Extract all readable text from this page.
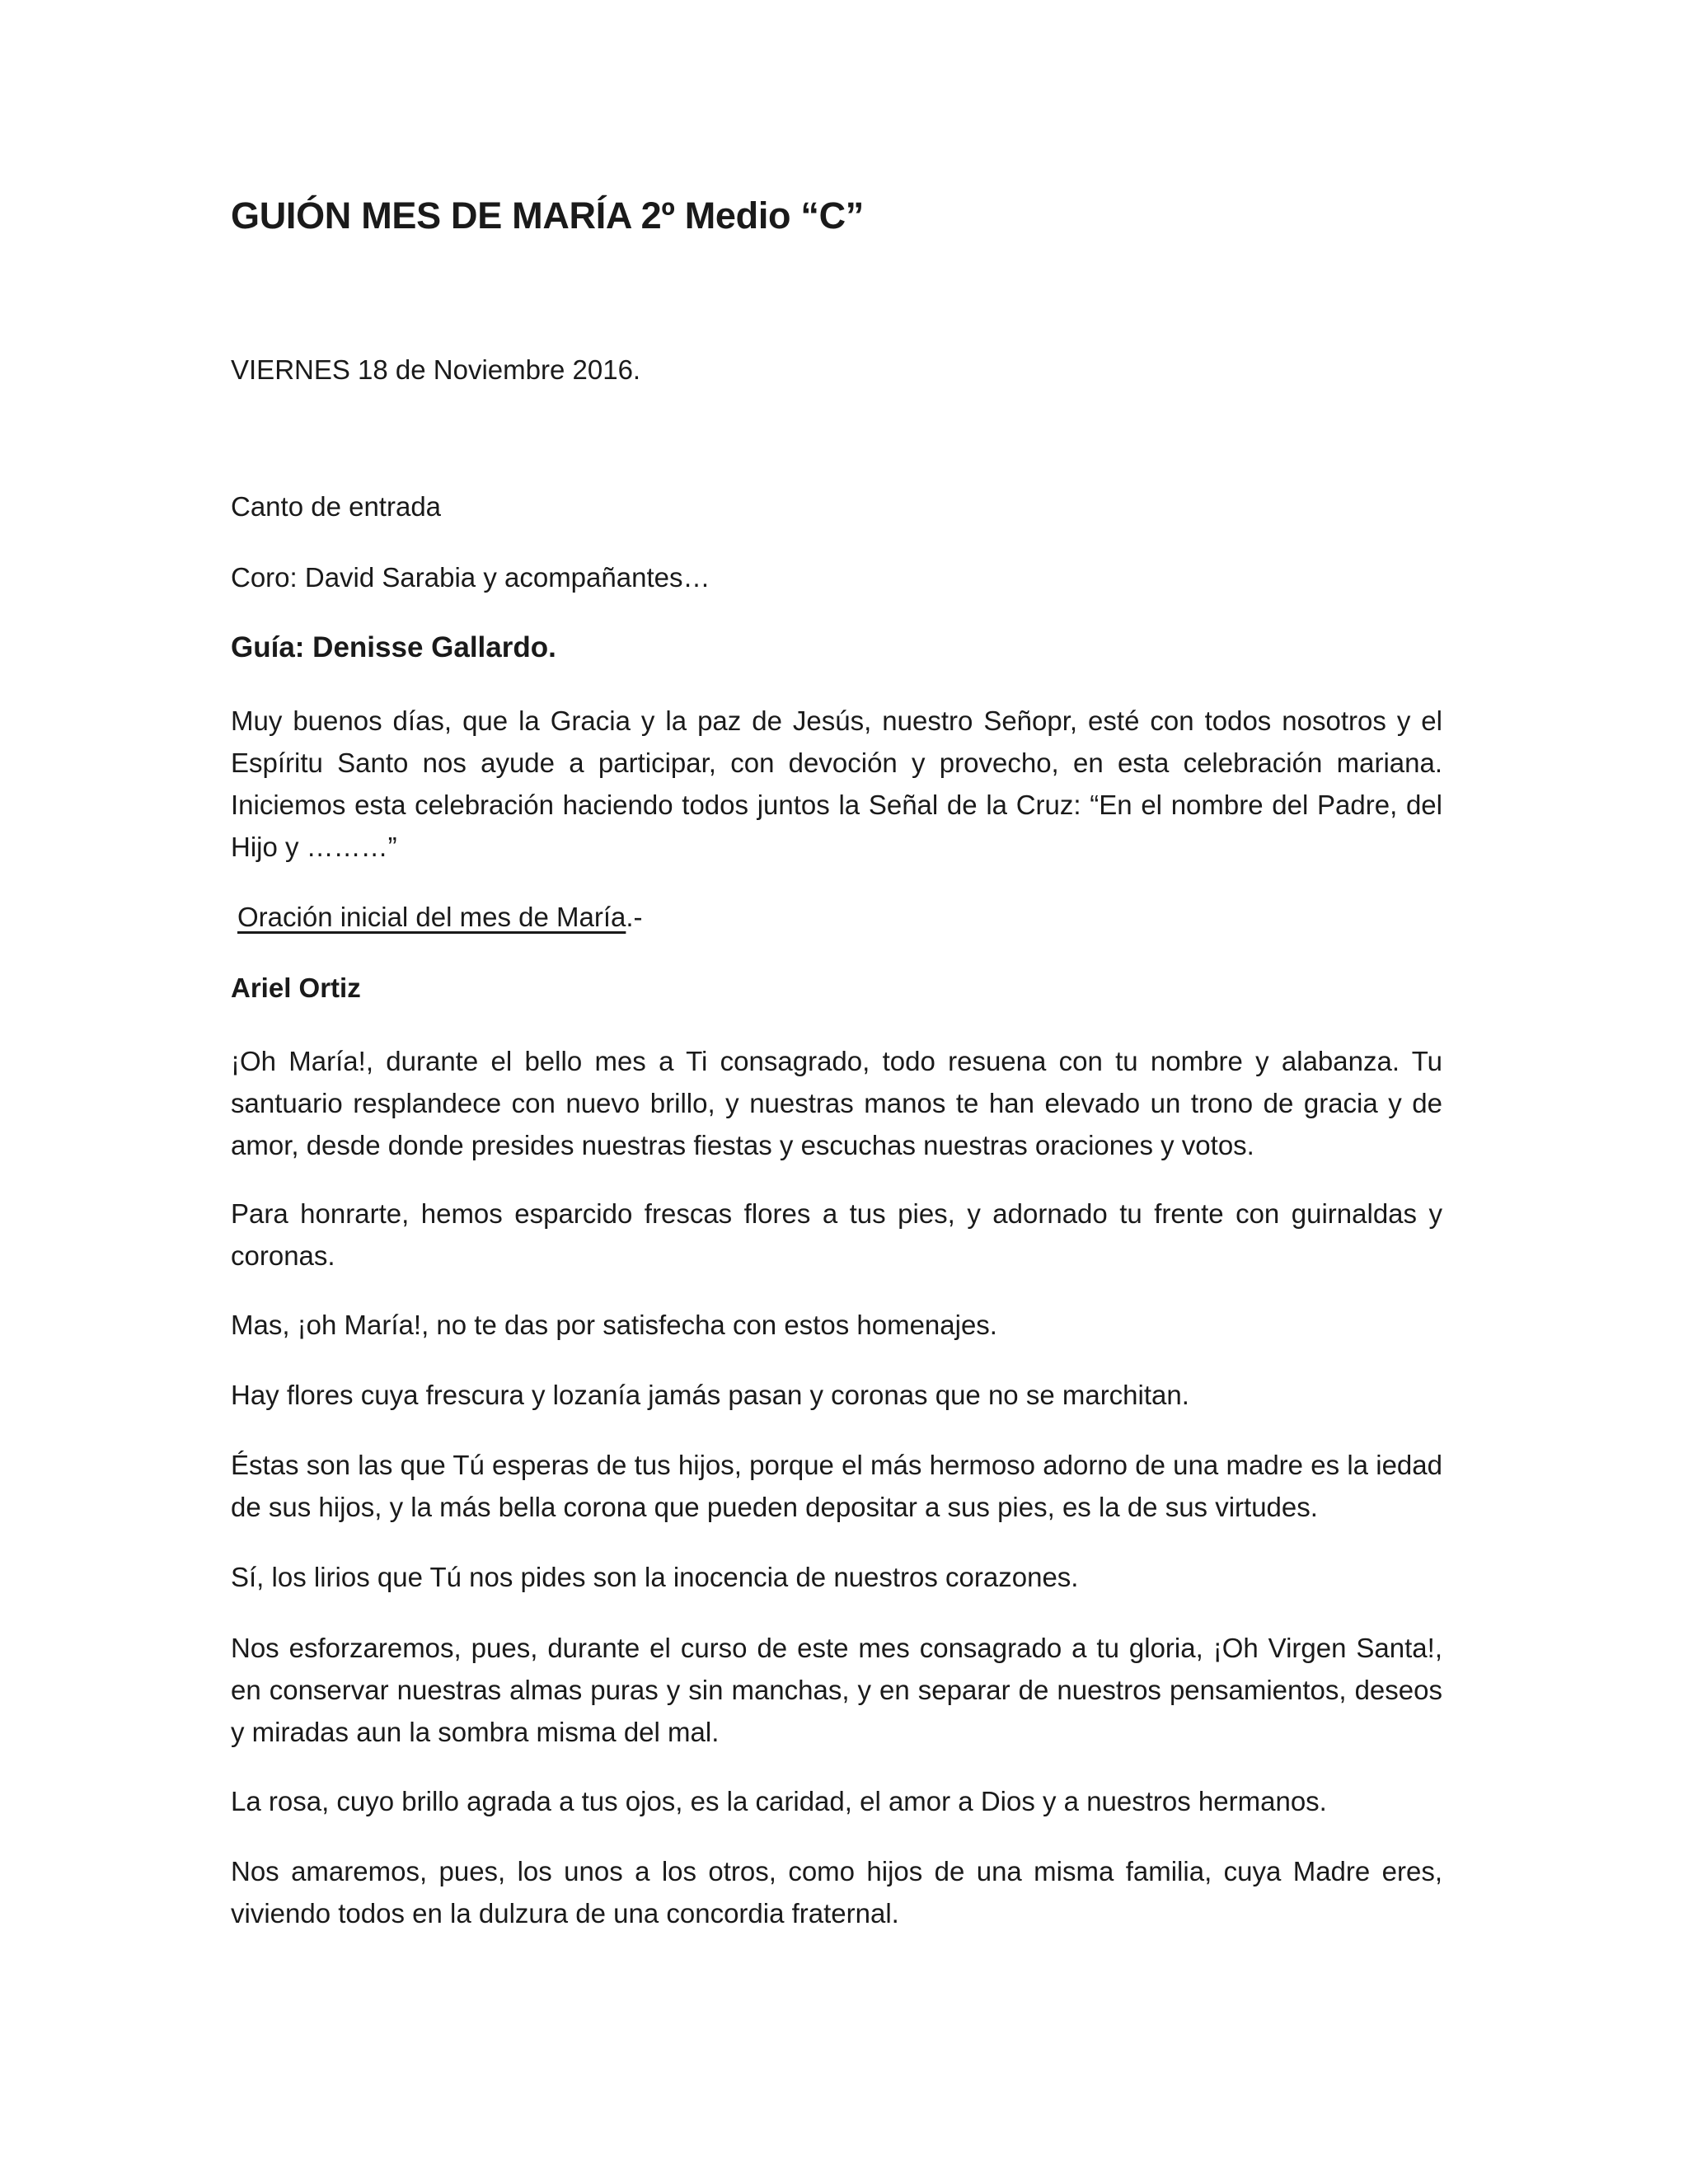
GUIÓN MES DE MARÍA 2º Medio “C”

VIERNES 18 de Noviembre 2016.

Canto de entrada

Coro: David Sarabia y acompañantes…

Guía: Denisse Gallardo.

Muy buenos días, que la Gracia y la paz de Jesús, nuestro Señopr, esté con todos nosotros y el Espíritu Santo nos ayude a participar, con devoción y provecho, en esta celebración mariana. Iniciemos esta celebración haciendo todos juntos la Señal de la Cruz: “En el nombre del Padre, del Hijo y ………”

Oración inicial del mes de María.-

Ariel Ortiz

¡Oh María!, durante el bello mes a Ti consagrado, todo resuena con tu nombre y alabanza. Tu santuario resplandece con nuevo brillo, y nuestras manos te han elevado un trono de gracia y de amor, desde donde presides nuestras fiestas y escuchas nuestras oraciones y votos.

Para honrarte, hemos esparcido frescas flores a tus pies, y adornado tu frente con guirnaldas y coronas.

Mas, ¡oh María!, no te das por satisfecha con estos homenajes.

Hay flores cuya frescura y lozanía jamás pasan y coronas que no se marchitan.

Éstas son las que Tú esperas de tus hijos, porque el más hermoso adorno de una madre es la iedad de sus hijos, y la más bella corona que pueden depositar a sus pies, es la de sus virtudes.

Sí, los lirios que Tú nos pides son la inocencia de nuestros corazones.

Nos esforzaremos, pues, durante el curso de este mes consagrado a tu gloria, ¡Oh Virgen Santa!, en conservar nuestras almas puras y sin manchas, y en separar de nuestros pensamientos, deseos y miradas aun la sombra misma del mal.

La rosa, cuyo brillo agrada a tus ojos, es la caridad, el amor a Dios y a nuestros hermanos.

Nos amaremos, pues, los unos a los otros, como hijos de una misma familia, cuya Madre eres, viviendo todos en la dulzura de una concordia fraternal.
